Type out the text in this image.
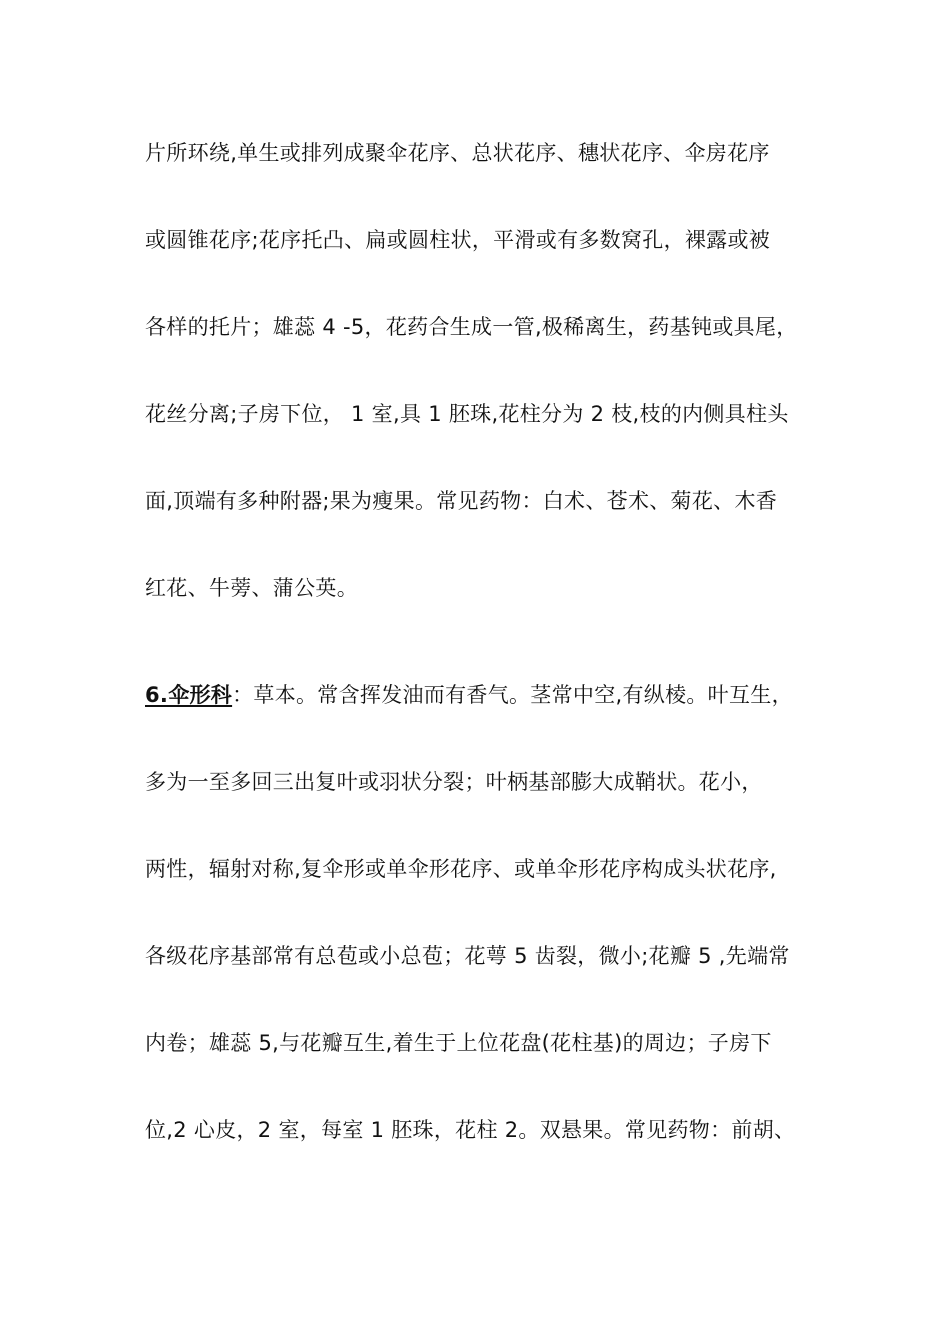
片所环绕,单生或排列成聚伞花序、总状花序、穗状花序、伞房花序
或圆锥花序;花序托凸、扁或圆柱状，平滑或有多数窝孔，裸露或被
各样的托片；雄蕊 4 -5，花药合生成一管,极稀离生，药基钝或具尾，
花丝分离;子房下位， 1 室,具 1 胚珠,花柱分为 2 枝,枝的内侧具柱头
面,顶端有多种附器;果为瘦果。常见药物：白术、苍术、菊花、木香
红花、牛蒡、蒲公英。
6.伞形科：草本。常含挥发油而有香气。茎常中空,有纵棱。叶互生，
多为一至多回三出复叶或羽状分裂；叶柄基部膨大成鞘状。花小，
两性，辐射对称,复伞形或单伞形花序、或单伞形花序构成头状花序,
各级花序基部常有总苞或小总苞；花萼 5 齿裂，微小;花瓣 5 ,先端常
内卷；雄蕊 5,与花瓣互生,着生于上位花盘(花柱基)的周边；子房下
位,2 心皮，2 室，每室 1 胚珠，花柱 2。双悬果。常见药物：前胡、
